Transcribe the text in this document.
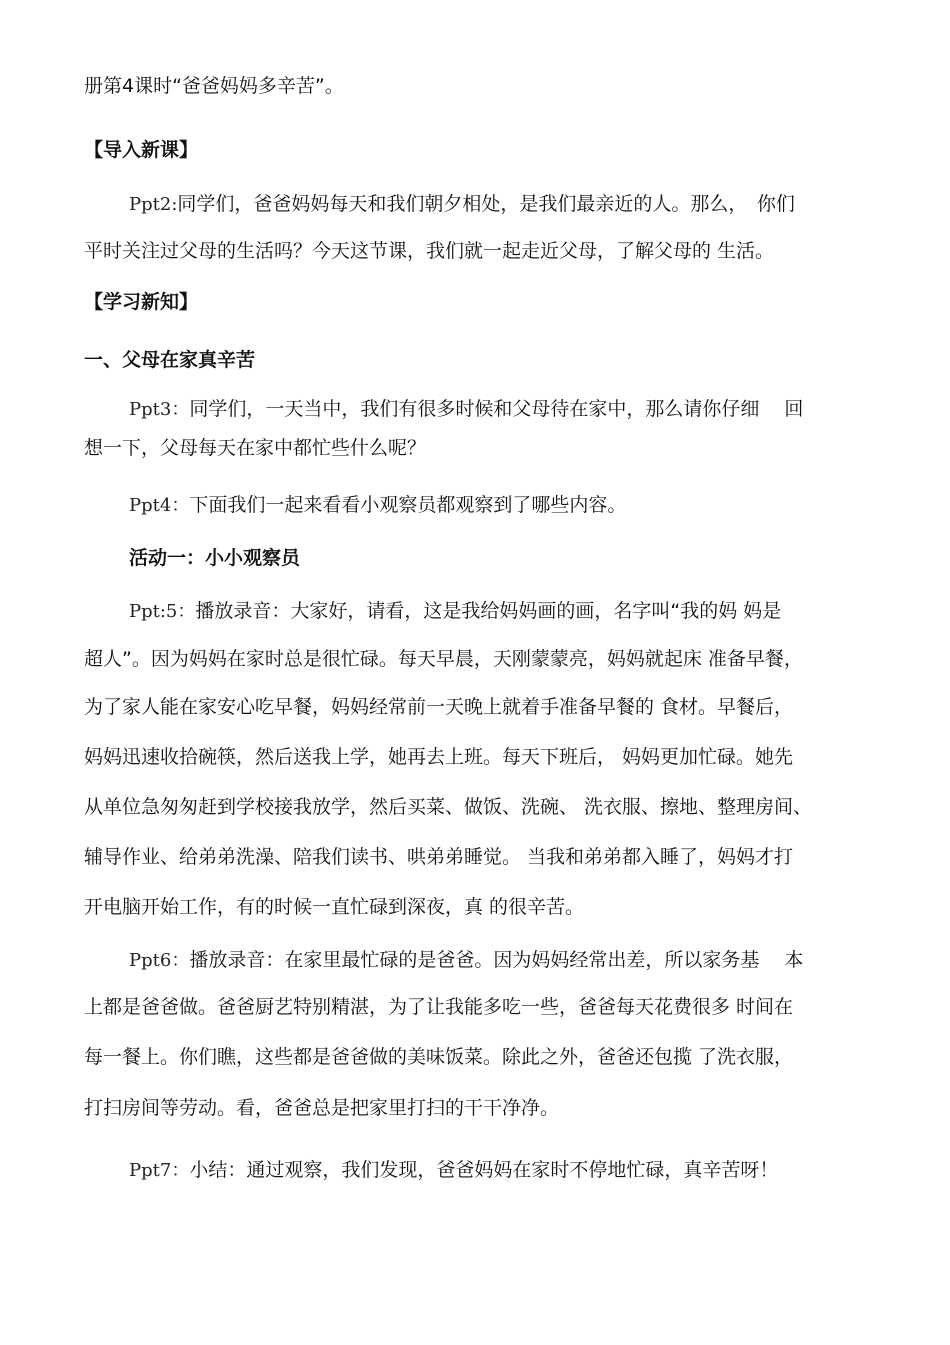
册第4课时“爸爸妈妈多辛苦”。
【导入新课】
Ppt2:同学们，爸爸妈妈每天和我们朝夕相处，是我们最亲近的人。那么，　你们
平时关注过父母的生活吗？今天这节课，我们就一起走近父母，了解父母的 生活。
【学习新知】
一、父母在家真辛苦
Ppt3：同学们，一天当中，我们有很多时候和父母待在家中，那么请你仔细　 回
想一下，父母每天在家中都忙些什么呢？
Ppt4：下面我们一起来看看小观察员都观察到了哪些内容。
活动一：小小观察员
Ppt:5：播放录音：大家好，请看，这是我给妈妈画的画，名字叫“我的妈 妈是
超人”。因为妈妈在家时总是很忙碌。每天早晨，天刚蒙蒙亮，妈妈就起床 准备早餐，
为了家人能在家安心吃早餐，妈妈经常前一天晚上就着手准备早餐的 食材。早餐后，
妈妈迅速收拾碗筷，然后送我上学，她再去上班。每天下班后， 妈妈更加忙碌。她先
从单位急匆匆赶到学校接我放学，然后买菜、做饭、洗碗、 洗衣服、擦地、整理房间、
辅导作业、给弟弟洗澡、陪我们读书、哄弟弟睡觉。 当我和弟弟都入睡了，妈妈才打
开电脑开始工作，有的时候一直忙碌到深夜，真 的很辛苦。
Ppt6：播放录音：在家里最忙碌的是爸爸。因为妈妈经常出差，所以家务基　 本
上都是爸爸做。爸爸厨艺特别精湛，为了让我能多吃一些，爸爸每天花费很多 时间在
每一餐上。你们瞧，这些都是爸爸做的美味饭菜。除此之外，爸爸还包揽 了洗衣服，
打扫房间等劳动。看，爸爸总是把家里打扫的干干净净。
Ppt7：小结：通过观察，我们发现，爸爸妈妈在家时不停地忙碌，真辛苦呀！
